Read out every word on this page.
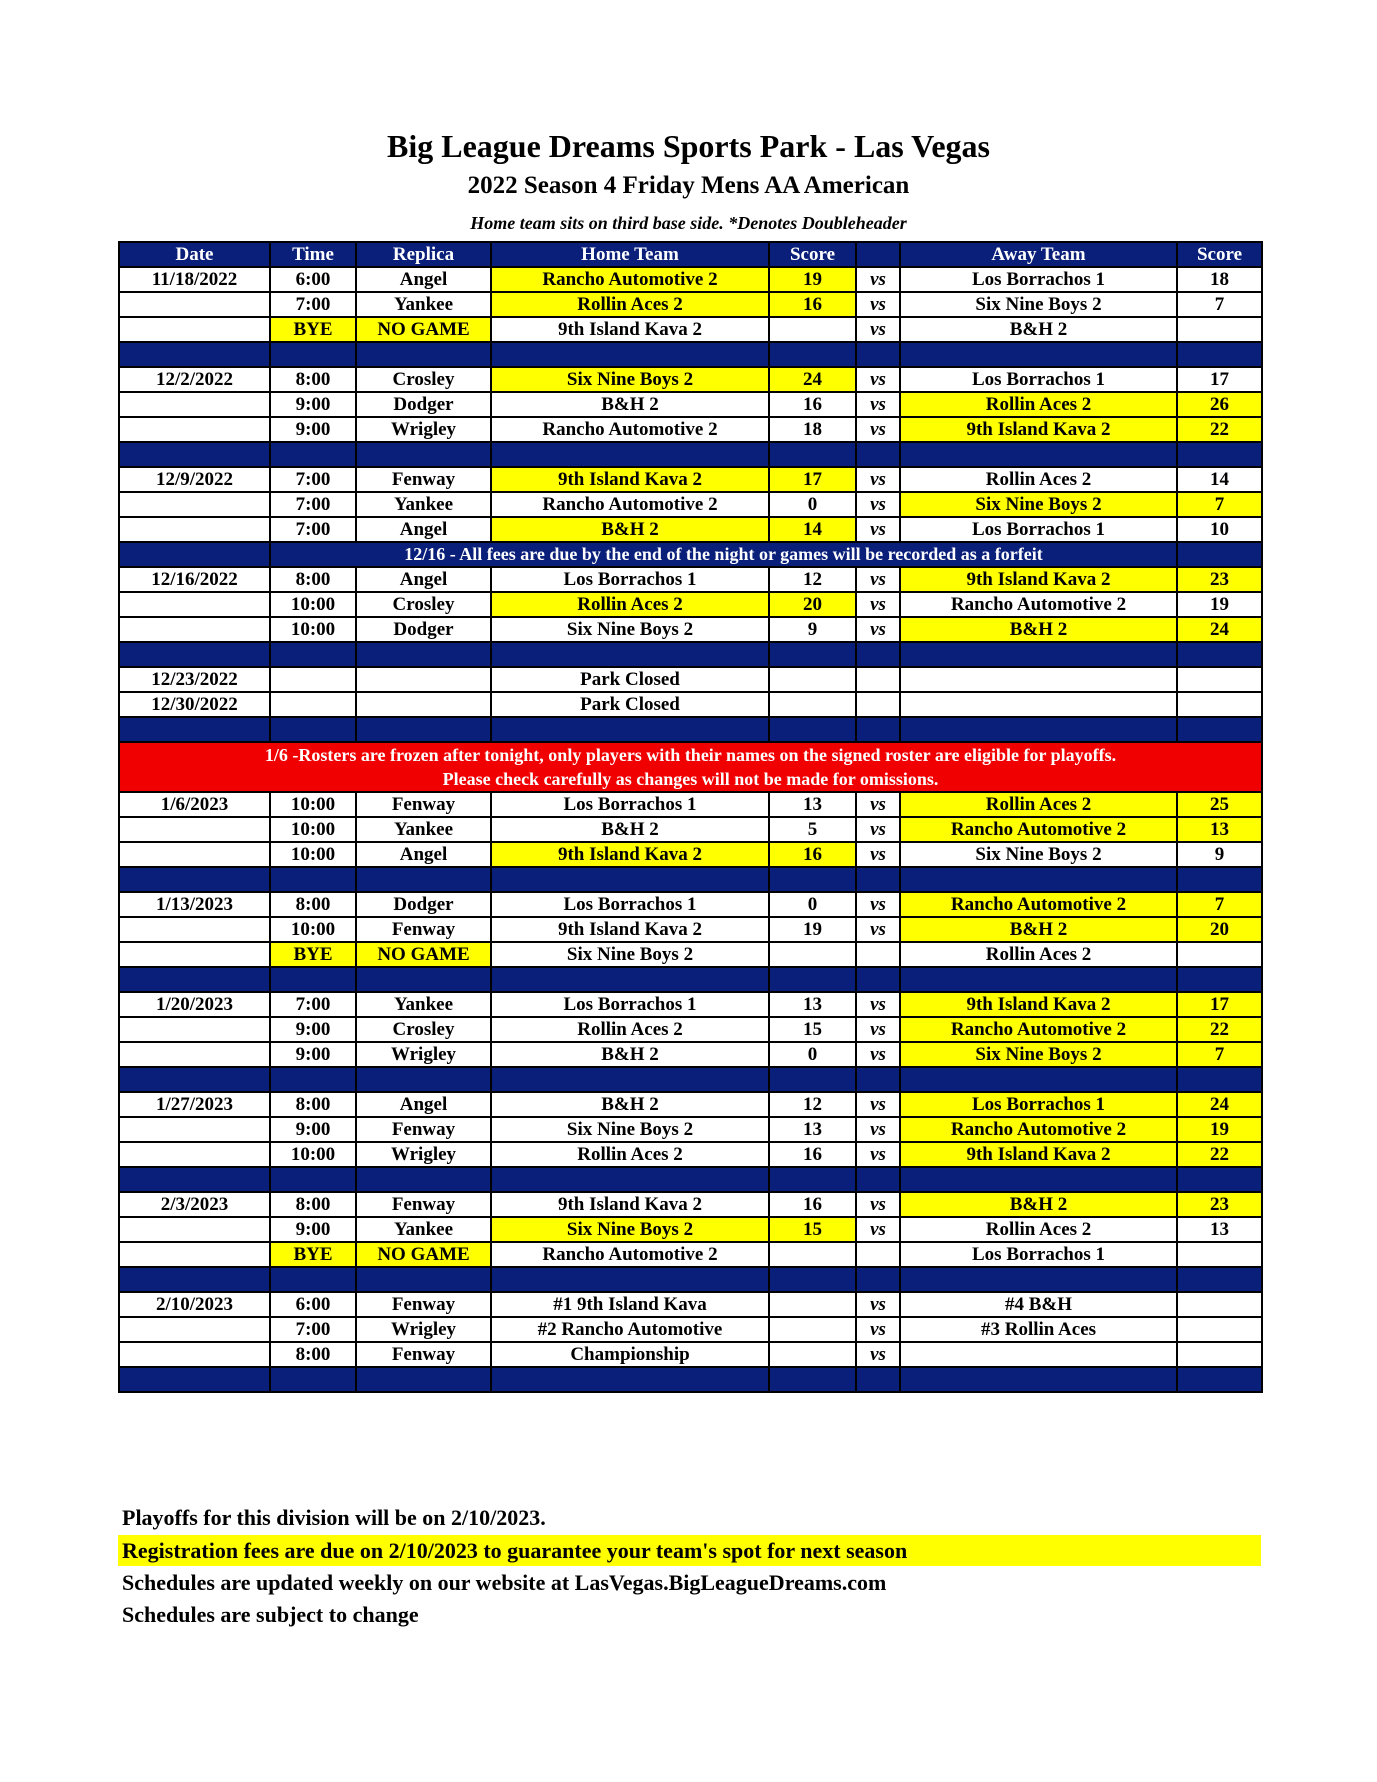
Big League Dreams Sports Park - Las Vegas
2022 Season 4 Friday Mens AA American
Home team sits on third base side. *Denotes Doubleheader
Date	Time	Replica	Home Team	Score		Away Team	Score
11/18/2022	6:00	Angel	Rancho Automotive 2	19	vs	Los Borrachos 1	18
	7:00	Yankee	Rollin Aces 2	16	vs	Six Nine Boys 2	7
	BYE	NO GAME	9th Island Kava 2		vs	B&H 2	

12/2/2022	8:00	Crosley	Six Nine Boys 2	24	vs	Los Borrachos 1	17
	9:00	Dodger	B&H 2	16	vs	Rollin Aces 2	26
	9:00	Wrigley	Rancho Automotive 2	18	vs	9th Island Kava 2	22

12/9/2022	7:00	Fenway	9th Island Kava 2	17	vs	Rollin Aces 2	14
	7:00	Yankee	Rancho Automotive 2	0	vs	Six Nine Boys 2	7
	7:00	Angel	B&H 2	14	vs	Los Borrachos 1	10
	12/16 - All fees are due by the end of the night or games will be recorded as a forfeit						
12/16/2022	8:00	Angel	Los Borrachos 1	12	vs	9th Island Kava 2	23
	10:00	Crosley	Rollin Aces 2	20	vs	Rancho Automotive 2	19
	10:00	Dodger	Six Nine Boys 2	9	vs	B&H 2	24

12/23/2022			Park Closed				
12/30/2022			Park Closed				

1/6 -Rosters are frozen after tonight, only players with their names on the signed roster are eligible for playoffs.
Please check carefully as changes will not be made for omissions.							

1/6/2023	10:00	Fenway	Los Borrachos 1	13	vs	Rollin Aces 2	25
	10:00	Yankee	B&H 2	5	vs	Rancho Automotive 2	13
	10:00	Angel	9th Island Kava 2	16	vs	Six Nine Boys 2	9

1/13/2023	8:00	Dodger	Los Borrachos 1	0	vs	Rancho Automotive 2	7
	10:00	Fenway	9th Island Kava 2	19	vs	B&H 2	20
	BYE	NO GAME	Six Nine Boys 2			Rollin Aces 2	

1/20/2023	7:00	Yankee	Los Borrachos 1	13	vs	9th Island Kava 2	17
	9:00	Crosley	Rollin Aces 2	15	vs	Rancho Automotive 2	22
	9:00	Wrigley	B&H 2	0	vs	Six Nine Boys 2	7

1/27/2023	8:00	Angel	B&H 2	12	vs	Los Borrachos 1	24
	9:00	Fenway	Six Nine Boys 2	13	vs	Rancho Automotive 2	19
	10:00	Wrigley	Rollin Aces 2	16	vs	9th Island Kava 2	22

2/3/2023	8:00	Fenway	9th Island Kava 2	16	vs	B&H 2	23
	9:00	Yankee	Six Nine Boys 2	15	vs	Rollin Aces 2	13
	BYE	NO GAME	Rancho Automotive 2			Los Borrachos 1	

2/10/2023	6:00	Fenway	#1 9th Island Kava		vs	#4 B&H	
	7:00	Wrigley	#2 Rancho Automotive		vs	#3 Rollin Aces	
	8:00	Fenway	Championship		vs		

Playoffs for this division will be on 2/10/2023.
Registration fees are due on 2/10/2023 to guarantee your team's spot for next season
Schedules are updated weekly on our website at LasVegas.BigLeagueDreams.com
Schedules are subject to change
